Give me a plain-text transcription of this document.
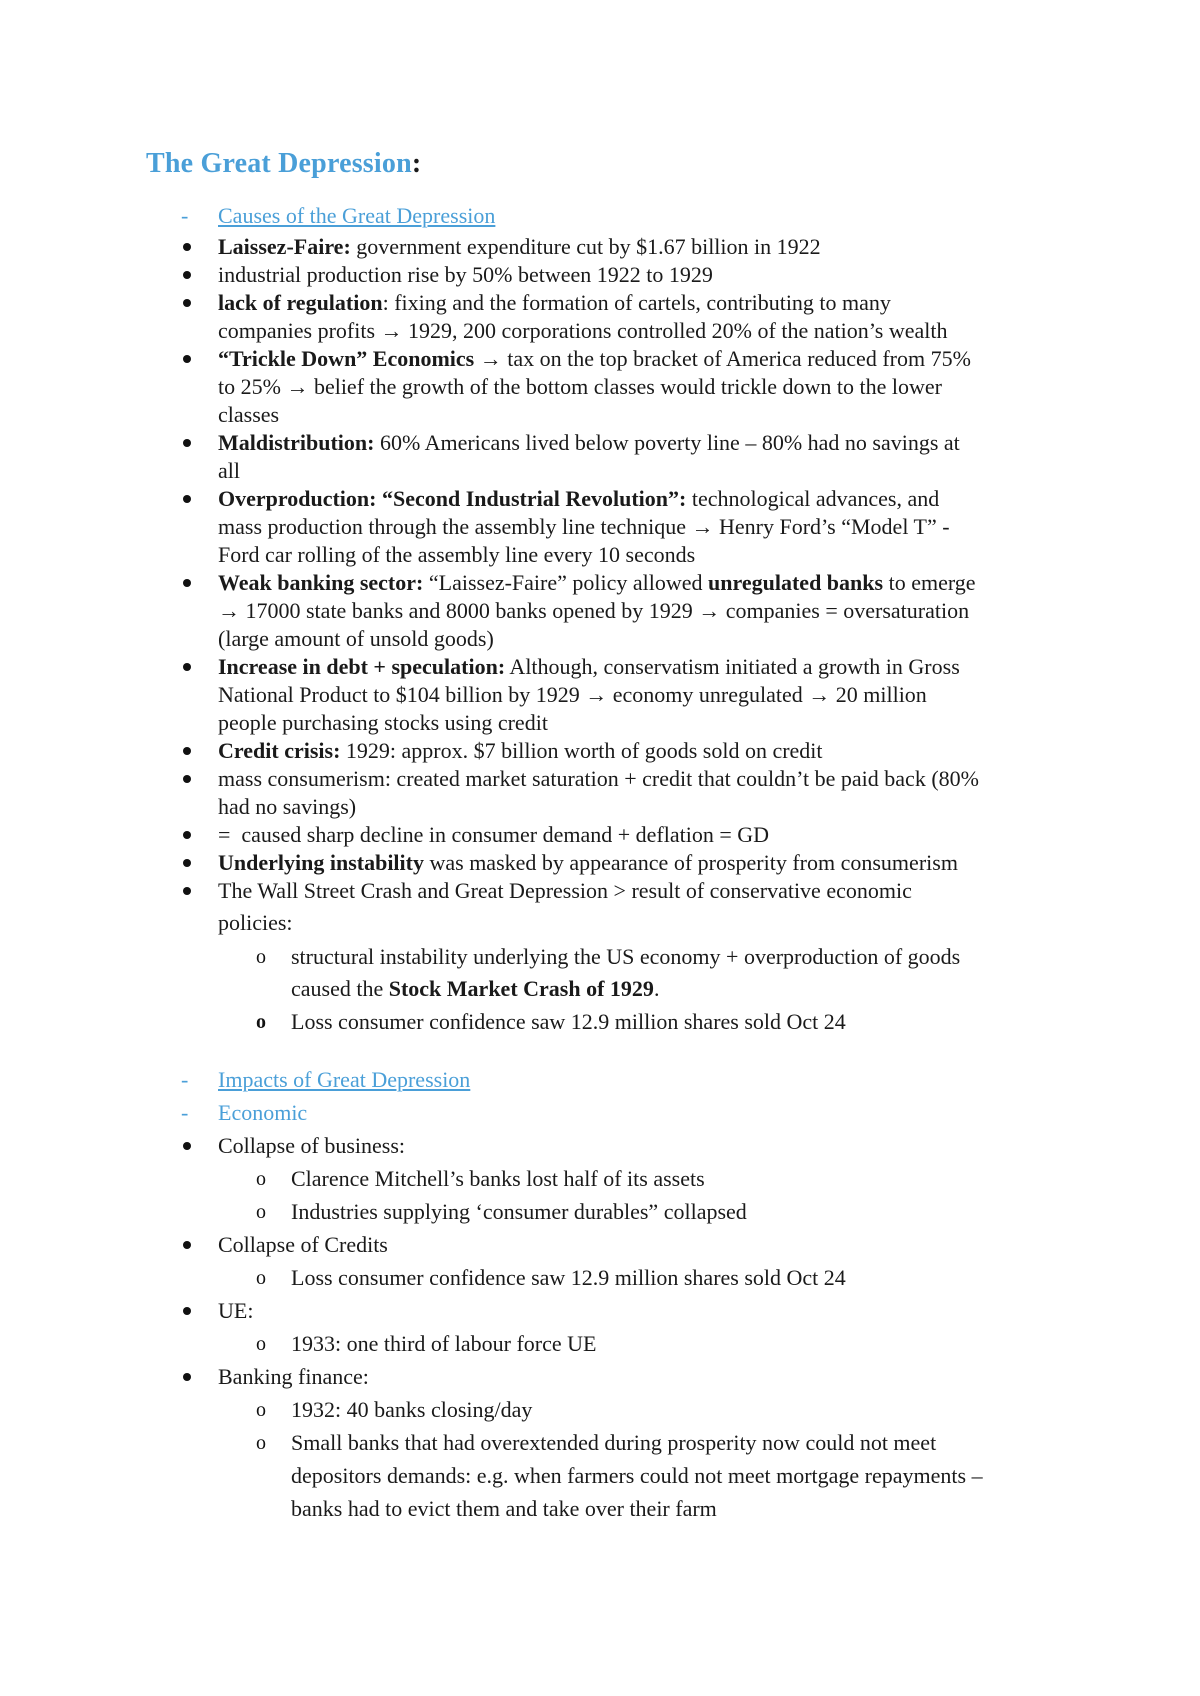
The Great Depression:
- Causes of the Great Depression
Laissez-Faire: government expenditure cut by $1.67 billion in 1922
industrial production rise by 50% between 1922 to 1929
lack of regulation: fixing and the formation of cartels, contributing to many
companies profits → 1929, 200 corporations controlled 20% of the nation’s wealth
“Trickle Down” Economics → tax on the top bracket of America reduced from 75%
to 25% → belief the growth of the bottom classes would trickle down to the lower
classes
Maldistribution: 60% Americans lived below poverty line – 80% had no savings at
all
Overproduction: “Second Industrial Revolution”: technological advances, and
mass production through the assembly line technique → Henry Ford’s “Model T” -
Ford car rolling of the assembly line every 10 seconds
Weak banking sector: “Laissez-Faire” policy allowed unregulated banks to emerge
→ 17000 state banks and 8000 banks opened by 1929 → companies = oversaturation
(large amount of unsold goods)
Increase in debt + speculation: Although, conservatism initiated a growth in Gross
National Product to $104 billion by 1929 → economy unregulated → 20 million
people purchasing stocks using credit
Credit crisis: 1929: approx. $7 billion worth of goods sold on credit
mass consumerism: created market saturation + credit that couldn’t be paid back (80%
had no savings)
=  caused sharp decline in consumer demand + deflation = GD
Underlying instability was masked by appearance of prosperity from consumerism
The Wall Street Crash and Great Depression > result of conservative economic
policies:
o structural instability underlying the US economy + overproduction of goods
caused the Stock Market Crash of 1929.
o Loss consumer confidence saw 12.9 million shares sold Oct 24
- Impacts of Great Depression
- Economic
Collapse of business:
o Clarence Mitchell’s banks lost half of its assets
o Industries supplying ‘consumer durables” collapsed
Collapse of Credits
o Loss consumer confidence saw 12.9 million shares sold Oct 24
UE:
o 1933: one third of labour force UE
Banking finance:
o 1932: 40 banks closing/day
o Small banks that had overextended during prosperity now could not meet
depositors demands: e.g. when farmers could not meet mortgage repayments –
banks had to evict them and take over their farm
